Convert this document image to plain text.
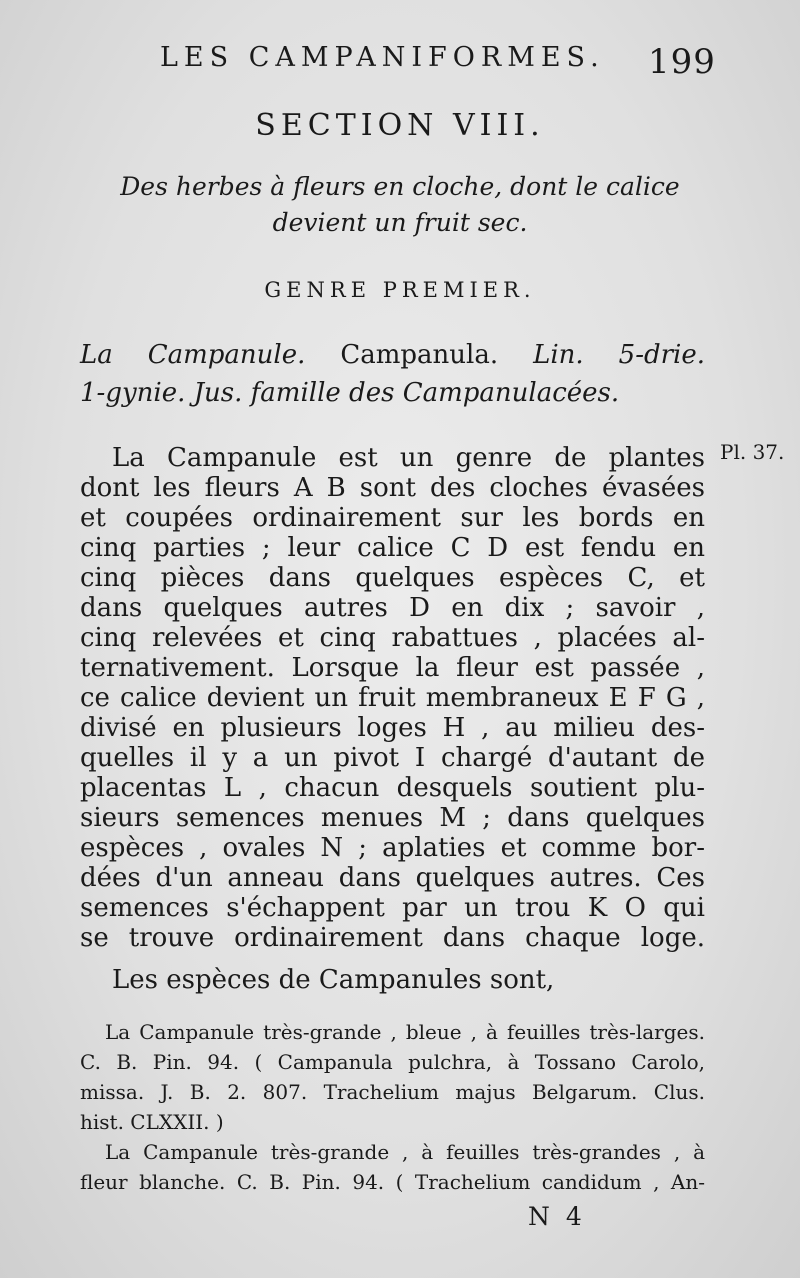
LES CAMPANIFORMES. 199
SECTION VIII.
Des herbes à fleurs en cloche, dont le calice
devient un fruit sec.
GENRE PREMIER.
La Campanule. Campanula. Lin. 5-drie.
1-gynie. Jus. famille des Campanulacées.
Pl. 37.
La Campanule est un genre de plantes
dont les fleurs A B sont des cloches évasées
et coupées ordinairement sur les bords en
cinq parties ; leur calice C D est fendu en
cinq pièces dans quelques espèces C, et
dans quelques autres D en dix ; savoir ,
cinq relevées et cinq rabattues , placées al-
ternativement. Lorsque la fleur est passée ,
ce calice devient un fruit membraneux E F G ,
divisé en plusieurs loges H , au milieu des-
quelles il y a un pivot I chargé d'autant de
placentas L , chacun desquels soutient plu-
sieurs semences menues M ; dans quelques
espèces , ovales N ; aplaties et comme bor-
dées d'un anneau dans quelques autres. Ces
semences s'échappent par un trou K O qui
se trouve ordinairement dans chaque loge.
Les espèces de Campanules sont,
La Campanule très-grande , bleue , à feuilles très-larges.
C. B. Pin. 94. ( Campanula pulchra, à Tossano Carolo,
missa. J. B. 2. 807. Trachelium majus Belgarum. Clus.
hist. CLXXII. )
La Campanule très-grande , à feuilles très-grandes , à
fleur blanche. C. B. Pin. 94. ( Trachelium candidum , An-
N 4
